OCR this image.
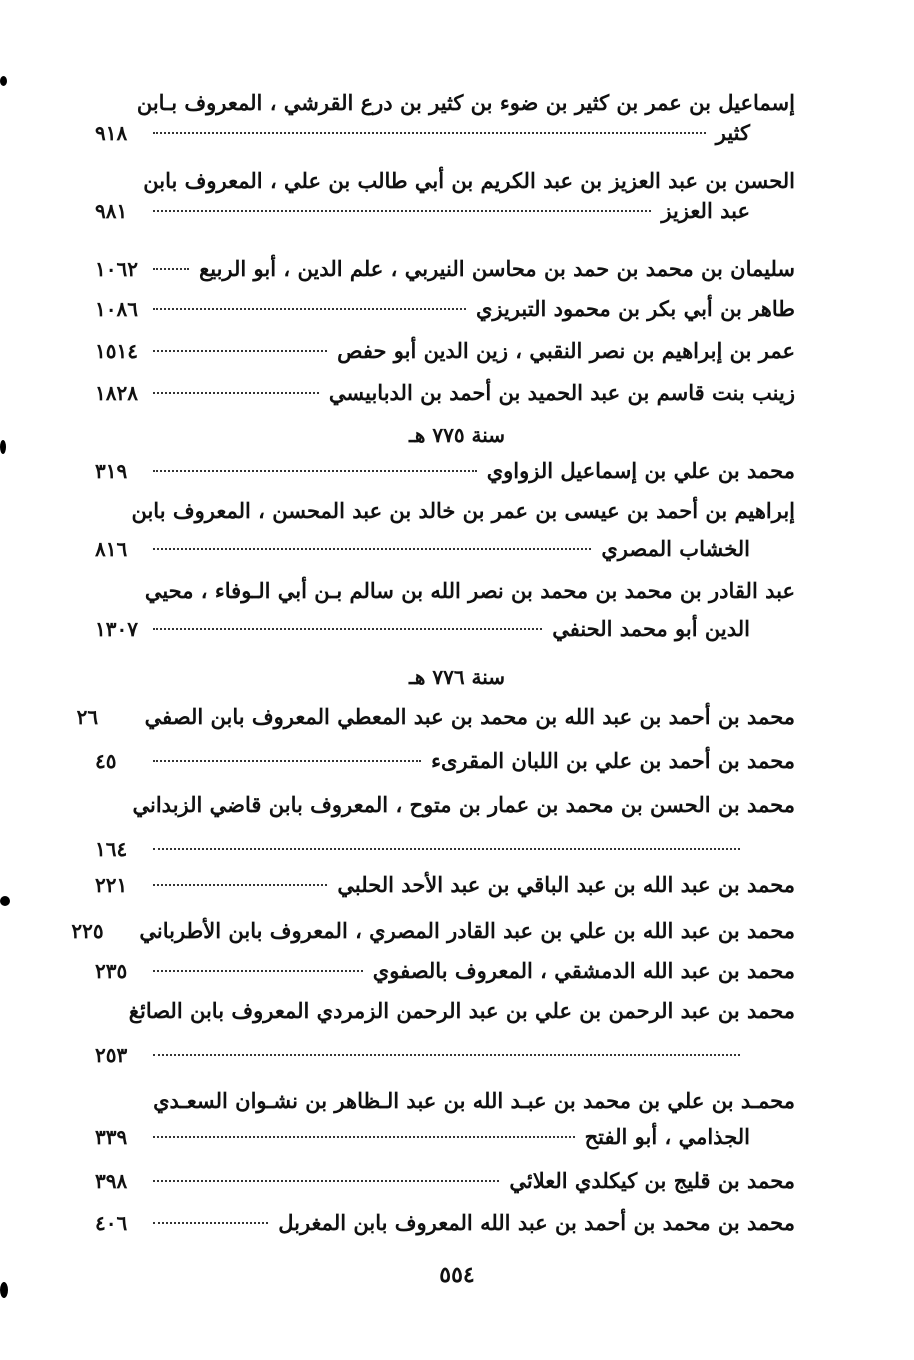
إسماعيل بن عمر بن كثير بن ضوء بن كثير بن درع القرشي ، المعروف بـابن
كثير
٩١٨
الحسن بن عبد العزيز بن عبد الكريم بن أبي طالب بن علي ، المعروف بابن
عبد العزيز
٩٨١
سليمان بن محمد بن حمد بن محاسن النيربي ، علم الدين ، أبو الربيع
١٠٦٢
طاهر بن أبي بكر بن محمود التبريزي
١٠٨٦
عمر بن إبراهيم بن نصر النقبي ، زين الدين أبو حفص
١٥١٤
زينب بنت قاسم بن عبد الحميد بن أحمد بن الدبابيسي
١٨٢٨
سنة ٧٧٥ هـ
محمد بن علي بن إسماعيل الزواوي
٣١٩
إبراهيم بن أحمد بن عيسى بن عمر بن خالد بن عبد المحسن ، المعروف بابن
الخشاب المصري
٨١٦
عبد القادر بن محمد بن محمد بن نصر الله بن سالم بـن أبي الـوفاء ، محيي
الدين أبو محمد الحنفي
١٣٠٧
سنة ٧٧٦ هـ
محمد بن أحمد بن عبد الله بن محمد بن عبد المعطي المعروف بابن الصفي
٢٦
محمد بن أحمد بن علي بن اللبان المقرىء
٤٥
محمد بن الحسن بن محمد بن عمار بن متوح ، المعروف بابن قاضي الزبداني
١٦٤
محمد بن عبد الله بن عبد الباقي بن عبد الأحد الحلبي
٢٢١
محمد بن عبد الله بن علي بن عبد القادر المصري ، المعروف بابن الأطرباني
٢٢٥
محمد بن عبد الله الدمشقي ، المعروف بالصفوي
٢٣٥
محمد بن عبد الرحمن بن علي بن عبد الرحمن الزمردي المعروف بابن الصائغ
٢٥٣
محمـد بن علي بن محمد بن عبـد الله بن عبد الـظاهر بن نشـوان السعـدي
الجذامي ، أبو الفتح
٣٣٩
محمد بن قليج بن كيكلدي العلائي
٣٩٨
محمد بن محمد بن أحمد بن عبد الله المعروف بابن المغربل
٤٠٦
٥٥٤
